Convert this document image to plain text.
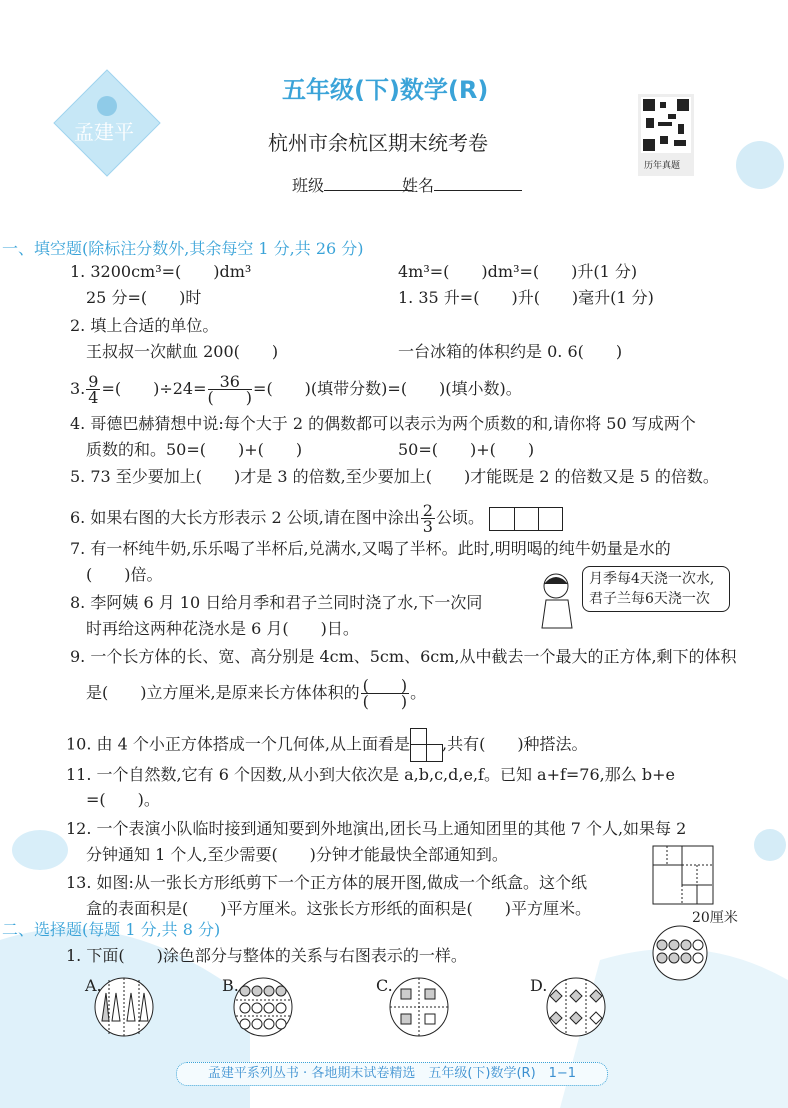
孟建平
五年级(下)数学(R)
杭州市余杭区期末统考卷
班级	姓名
历年真题
一、填空题(除标注分数外,其余每空 1 分,共 26 分)
1. 3200cm³=(　　)dm³	4m³=(　　)dm³=(　　)升(1 分)
25 分=(　　)时	1. 35 升=(　　)升(　　)毫升(1 分)
2. 填上合适的单位。
王叔叔一次献血 200(　　)	一台冰箱的体积约是 0. 6(　　)
3. $\frac{9}{4}$ =(　　)$\div 24= \frac{36}{( )}$ =(　　)(填带分数)=(　　)(填小数)。
4. 哥德巴赫猜想中说:每个大于 2 的偶数都可以表示为两个质数的和,请你将 50 写成两个
质数的和。50=(　　)+(　　)	50=(　　)+(　　)
5. 73 至少要加上(　　)才是 3 的倍数,至少要加上(　　)才能既是 2 的倍数又是 5 的倍数。
6. 如果右图的大长方形表示 2 公顷,请在图中涂出 $\frac{2}{3}$ 公顷。
7. 有一杯纯牛奶,乐乐喝了半杯后,兑满水,又喝了半杯。此时,明明喝的纯牛奶量是水的
(　　)倍。
8. 李阿姨 6 月 10 日给月季和君子兰同时浇了水,下一次同
时再给这两种花浇水是 6 月(　　)日。
月季每4天浇一次水,
君子兰每6天浇一次
9. 一个长方体的长、宽、高分别是 4cm、5cm、6cm,从中截去一个最大的正方体,剩下的体积
是(　　)立方厘米,是原来长方体体积的 $\frac{( )}{( )}$ 。
10. 由 4 个小正方体搭成一个几何体,从上面看是 ,共有(　　)种搭法。
11. 一个自然数,它有 6 个因数,从小到大依次是 a,b,c,d,e,f。已知 a+f=76,那么 b+e
=(　　)。
12. 一个表演小队临时接到通知要到外地演出,团长马上通知团里的其他 7 个人,如果每 2
分钟通知 1 个人,至少需要(　　)分钟才能最快全部通知到。
13. 如图:从一张长方形纸剪下一个正方体的展开图,做成一个纸盒。这个纸
盒的表面积是(　　)平方厘米。这张长方形纸的面积是(　　)平方厘米。	20厘米
二、选择题(每题 1 分,共 8 分)
1. 下面(　　)涂色部分与整体的关系与右图表示的一样。
A.	B.	C.	D.
孟建平系列丛书 · 各地期末试卷精选　五年级(下)数学(R)　1−1
